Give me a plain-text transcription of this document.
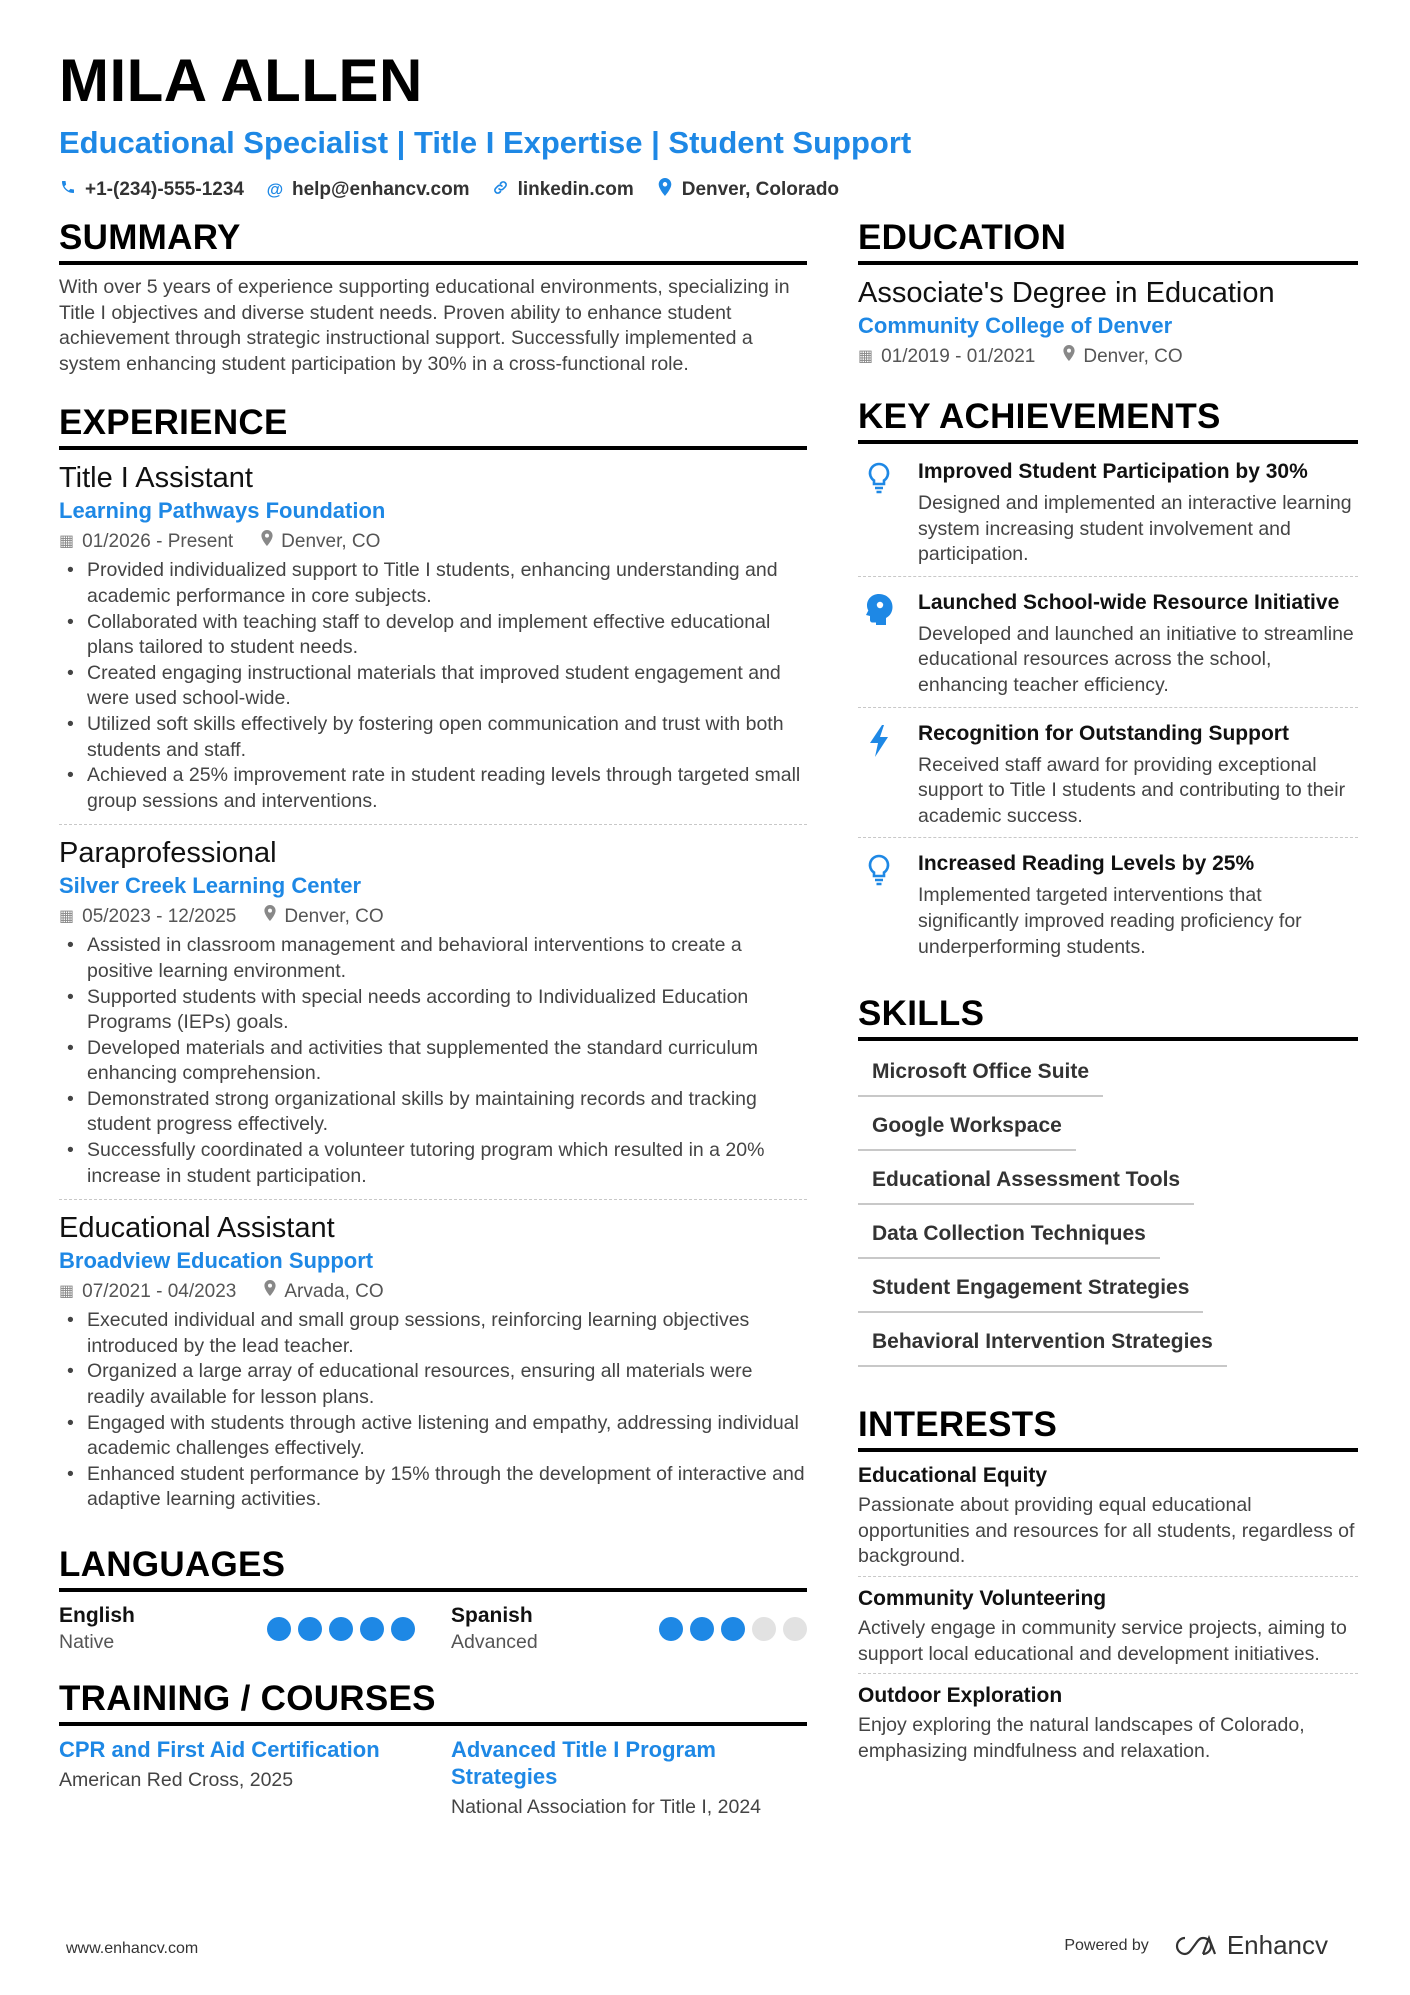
MILA ALLEN
Educational Specialist | Title I Expertise | Student Support
+1-(234)-555-1234 @ help@enhancv.com	linkedin.com	Denver, Colorado
SUMMARY
With over 5 years of experience supporting educational environments, specializing in Title I objectives and diverse student needs. Proven ability to enhance student achievement through strategic instructional support. Successfully implemented a system enhancing student participation by 30% in a cross-functional role.
EXPERIENCE
Title I Assistant
Learning Pathways Foundation
▦ 01/2026 - Present	Denver, CO
• Provided individualized support to Title I students, enhancing understanding and academic performance in core subjects.
• Collaborated with teaching staff to develop and implement effective educational plans tailored to student needs.
• Created engaging instructional materials that improved student engagement and were used school-wide.
• Utilized soft skills effectively by fostering open communication and trust with both students and staff.
• Achieved a 25% improvement rate in student reading levels through targeted small group sessions and interventions.
Paraprofessional
Silver Creek Learning Center
▦ 05/2023 - 12/2025	Denver, CO
• Assisted in classroom management and behavioral interventions to create a positive learning environment.
• Supported students with special needs according to Individualized Education Programs (IEPs) goals.
• Developed materials and activities that supplemented the standard curriculum enhancing comprehension.
• Demonstrated strong organizational skills by maintaining records and tracking student progress effectively.
• Successfully coordinated a volunteer tutoring program which resulted in a 20% increase in student participation.
Educational Assistant
Broadview Education Support
▦ 07/2021 - 04/2023	Arvada, CO
• Executed individual and small group sessions, reinforcing learning objectives introduced by the lead teacher.
• Organized a large array of educational resources, ensuring all materials were readily available for lesson plans.
• Engaged with students through active listening and empathy, addressing individual academic challenges effectively.
• Enhanced student performance by 15% through the development of interactive and adaptive learning activities.
LANGUAGES
English
Native
Spanish
Advanced
TRAINING / COURSES
CPR and First Aid Certification
American Red Cross, 2025
Advanced Title I Program Strategies
National Association for Title I, 2024
EDUCATION
Associate's Degree in Education
Community College of Denver
▦ 01/2019 - 01/2021	Denver, CO
KEY ACHIEVEMENTS
Improved Student Participation by 30%
Designed and implemented an interactive learning system increasing student involvement and participation.
Launched School-wide Resource Initiative
Developed and launched an initiative to streamline educational resources across the school, enhancing teacher efficiency.
Recognition for Outstanding Support
Received staff award for providing exceptional support to Title I students and contributing to their academic success.
Increased Reading Levels by 25%
Implemented targeted interventions that significantly improved reading proficiency for underperforming students.
SKILLS
Microsoft Office Suite
Google Workspace
Educational Assessment Tools
Data Collection Techniques
Student Engagement Strategies
Behavioral Intervention Strategies
INTERESTS
Educational Equity
Passionate about providing equal educational opportunities and resources for all students, regardless of background.
Community Volunteering
Actively engage in community service projects, aiming to support local educational and development initiatives.
Outdoor Exploration
Enjoy exploring the natural landscapes of Colorado, emphasizing mindfulness and relaxation.
www.enhancv.com	Powered by	Enhancv
